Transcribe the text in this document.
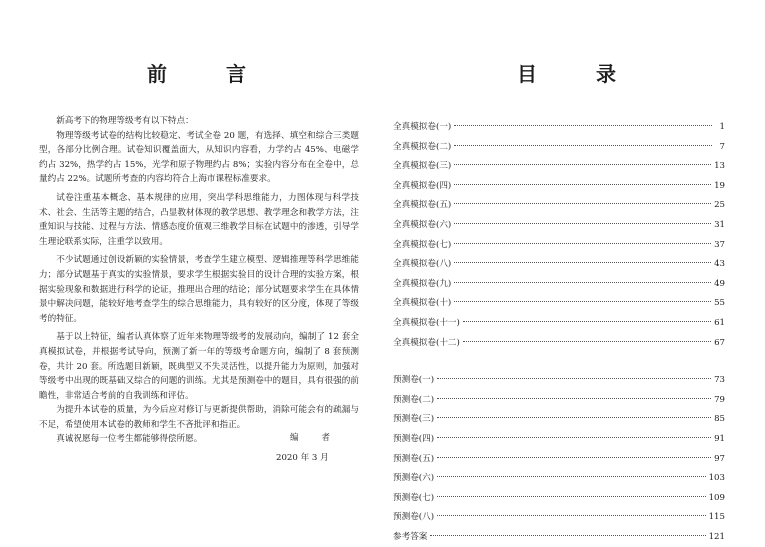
前 言

新高考下的物理等级考有以下特点：

物理等级考试卷的结构比较稳定、考试全卷 20 题，有选择、填空和综合三类题型，各部分比例合理。试卷知识覆盖面大，从知识内容看，力学约占 45%、电磁学约占 32%，热学约占 15%，光学和原子物理约占 8%；实验内容分布在全卷中，总量约占 22%。试题所考查的内容均符合上海市课程标准要求。

试卷注重基本概念、基本规律的应用，突出学科思维能力，力图体现与科学技术、社会、生活等主题的结合，凸显教材体现的教学思想、教学理念和教学方法，注重知识与技能、过程与方法、情感态度价值观三维教学目标在试题中的渗透，引导学生理论联系实际，注重学以致用。

不少试题通过创设新颖的实验情景，考查学生建立模型、逻辑推理等科学思维能力；部分试题基于真实的实验情景，要求学生根据实验目的设计合理的实验方案，根据实验现象和数据进行科学的论证，推理出合理的结论；部分试题要求学生在具体情景中解决问题，能较好地考查学生的综合思维能力，具有较好的区分度，体现了等级考的特征。

基于以上特征，编者认真体察了近年来物理等级考的发展动向，编制了 12 套全真模拟试卷，并根据考试导向，预测了新一年的等级考命题方向，编制了 8 套预测卷，共计 20 套。所选题目新颖，既典型又不失灵活性，以提升能力为原则，加强对等级考中出现的既基础又综合的问题的训练。尤其是预测卷中的题目，具有很强的前瞻性，非常适合考前的自我训练和评估。

为提升本试卷的质量，为今后应对修订与更新提供帮助，消除可能会有的疏漏与不足，希望使用本试卷的教师和学生不吝批评和指正。

真诚祝愿每一位考生都能够得偿所愿。	编 者
2020 年 3 月
目 录
全真模拟卷(一)	1
全真模拟卷(二)	7
全真模拟卷(三)	13
全真模拟卷(四)	19
全真模拟卷(五)	25
全真模拟卷(六)	31
全真模拟卷(七)	37
全真模拟卷(八)	43
全真模拟卷(九)	49
全真模拟卷(十)	55
全真模拟卷(十一)	61
全真模拟卷(十二)	67
预测卷(一)	73
预测卷(二)	79
预测卷(三)	85
预测卷(四)	91
预测卷(五)	97
预测卷(六)	103
预测卷(七)	109
预测卷(八)	115
参考答案	121
